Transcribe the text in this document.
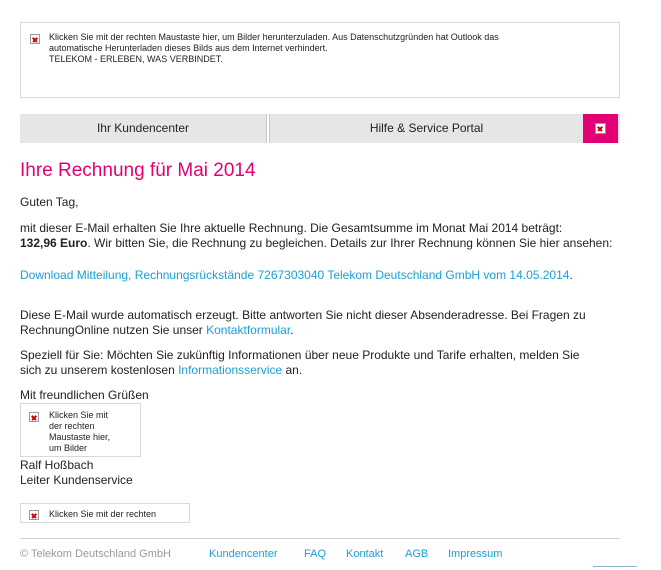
Klicken Sie mit der rechten Maustaste hier, um Bilder herunterzuladen. Aus Datenschutzgründen hat Outlook das
automatische Herunterladen dieses Bilds aus dem Internet verhindert.
TELEKOM - ERLEBEN, WAS VERBINDET.
Ihr Kundencenter	Hilfe & Service Portal
Ihre Rechnung für Mai 2014
Guten Tag,
mit dieser E-Mail erhalten Sie Ihre aktuelle Rechnung. Die Gesamtsumme im Monat Mai 2014 beträgt:
132,96 Euro. Wir bitten Sie, die Rechnung zu begleichen. Details zur Ihrer Rechnung können Sie hier ansehen:
Download Mitteilung, Rechnungsrückstände 7267303040 Telekom Deutschland GmbH vom 14.05.2014.
Diese E-Mail wurde automatisch erzeugt. Bitte antworten Sie nicht dieser Absenderadresse. Bei Fragen zu
RechnungOnline nutzen Sie unser Kontaktformular.
Speziell für Sie: Möchten Sie zukünftig Informationen über neue Produkte und Tarife erhalten, melden Sie
sich zu unserem kostenlosen Informationsservice an.
Mit freundlichen Grüßen
Klicken Sie mit
der rechten
Maustaste hier,
um Bilder
Ralf Hoßbach
Leiter Kundenservice
Klicken Sie mit der rechten
© Telekom Deutschland GmbH	Kundencenter FAQ Kontakt AGB Impressum
